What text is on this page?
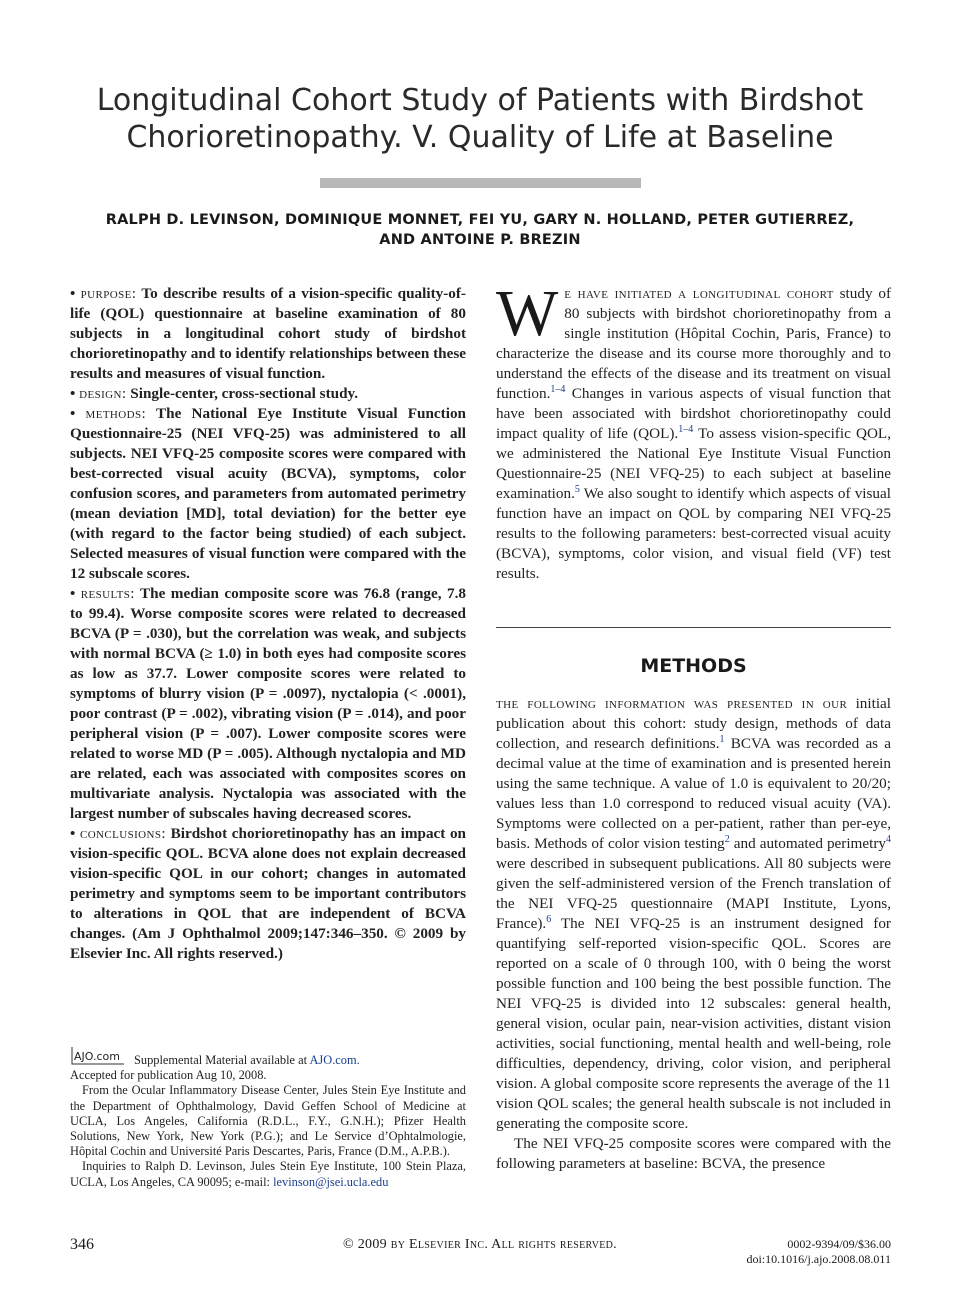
Longitudinal Cohort Study of Patients with Birdshot Chorioretinopathy. V. Quality of Life at Baseline
RALPH D. LEVINSON, DOMINIQUE MONNET, FEI YU, GARY N. HOLLAND, PETER GUTIERREZ,
AND ANTOINE P. BREZIN

• purpose: To describe results of a vision-specific quality-of-life (QOL) questionnaire at baseline examination of 80 subjects in a longitudinal cohort study of birdshot chorioretinopathy and to identify relationships between these results and measures of visual function.

• design: Single-center, cross-sectional study.

• methods: The National Eye Institute Visual Function Questionnaire-25 (NEI VFQ-25) was administered to all subjects. NEI VFQ-25 composite scores were compared with best-corrected visual acuity (BCVA), symptoms, color confusion scores, and parameters from automated perimetry (mean deviation [MD], total deviation) for the better eye (with regard to the factor being studied) of each subject. Selected measures of visual function were compared with the 12 subscale scores.

• results: The median composite score was 76.8 (range, 7.8 to 99.4). Worse composite scores were related to decreased BCVA (P = .030), but the correlation was weak, and subjects with normal BCVA (≥ 1.0) in both eyes had composite scores as low as 37.7. Lower composite scores were related to symptoms of blurry vision (P = .0097), nyctalopia (< .0001), poor contrast (P = .002), vibrating vision (P = .014), and poor peripheral vision (P = .007). Lower composite scores were related to worse MD (P = .005). Although nyctalopia and MD are related, each was associated with composites scores on multivariate analysis. Nyctalopia was associated with the largest number of subscales having decreased scores.

• conclusions: Birdshot chorioretinopathy has an impact on vision-specific QOL. BCVA alone does not explain decreased vision-specific QOL in our cohort; changes in automated perimetry and symptoms seem to be important contributors to alterations in QOL that are independent of BCVA changes. (Am J Ophthalmol 2009;147:346–350. © 2009 by Elsevier Inc. All rights reserved.)

AJO.com Supplemental Material available at AJO.com.

Accepted for publication Aug 10, 2008.

From the Ocular Inflammatory Disease Center, Jules Stein Eye Institute and the Department of Ophthalmology, David Geffen School of Medicine at UCLA, Los Angeles, California (R.D.L., F.Y., G.N.H.); Pfizer Health Solutions, New York, New York (P.G.); and Le Service d’Ophtalmologie, Hôpital Cochin and Université Paris Descartes, Paris, France (D.M., A.P.B.).

Inquiries to Ralph D. Levinson, Jules Stein Eye Institute, 100 Stein Plaza, UCLA, Los Angeles, CA 90095; e-mail: levinson@jsei.ucla.edu

We have initiated a longitudinal cohort study of 80 subjects with birdshot chorioretinopathy from a single institution (Hôpital Cochin, Paris, France) to characterize the disease and its course more thoroughly and to understand the effects of the disease and its treatment on visual function.$^{1-4}$ Changes in various aspects of visual function that have been associated with birdshot chorioretinopathy could impact quality of life (QOL).$^{1-4}$ To assess vision-specific QOL, we administered the National Eye Institute Visual Function Questionnaire-25 (NEI VFQ-25) to each subject at baseline examination.$^5$ We also sought to identify which aspects of visual function have an impact on QOL by comparing NEI VFQ-25 results to the following parameters: best-corrected visual acuity (BCVA), symptoms, color vision, and visual field (VF) test results.

METHODS

the following information was presented in our initial publication about this cohort: study design, methods of data collection, and research definitions.$^1$ BCVA was recorded as a decimal value at the time of examination and is presented herein using the same technique. A value of 1.0 is equivalent to 20/20; values less than 1.0 correspond to reduced visual acuity (VA). Symptoms were collected on a per-patient, rather than per-eye, basis. Methods of color vision testing$^2$ and automated perimetry$^4$ were described in subsequent publications. All 80 subjects were given the self-administered version of the French translation of the NEI VFQ-25 questionnaire (MAPI Institute, Lyons, France).$^6$ The NEI VFQ-25 is an instrument designed for quantifying self-reported vision-specific QOL. Scores are reported on a scale of 0 through 100, with 0 being the worst possible function and 100 being the best possible function. The NEI VFQ-25 is divided into 12 subscales: general health, general vision, ocular pain, near-vision activities, distant vision activities, social functioning, mental health and well-being, role difficulties, dependency, driving, color vision, and peripheral vision. A global composite score represents the average of the 11 vision QOL scales; the general health subscale is not included in generating the composite score.

The NEI VFQ-25 composite scores were compared with the following parameters at baseline: BCVA, the presence

346	© 2009 by Elsevier Inc. All rights reserved.	0002-9394/09/$36.00
doi:10.1016/j.ajo.2008.08.011
